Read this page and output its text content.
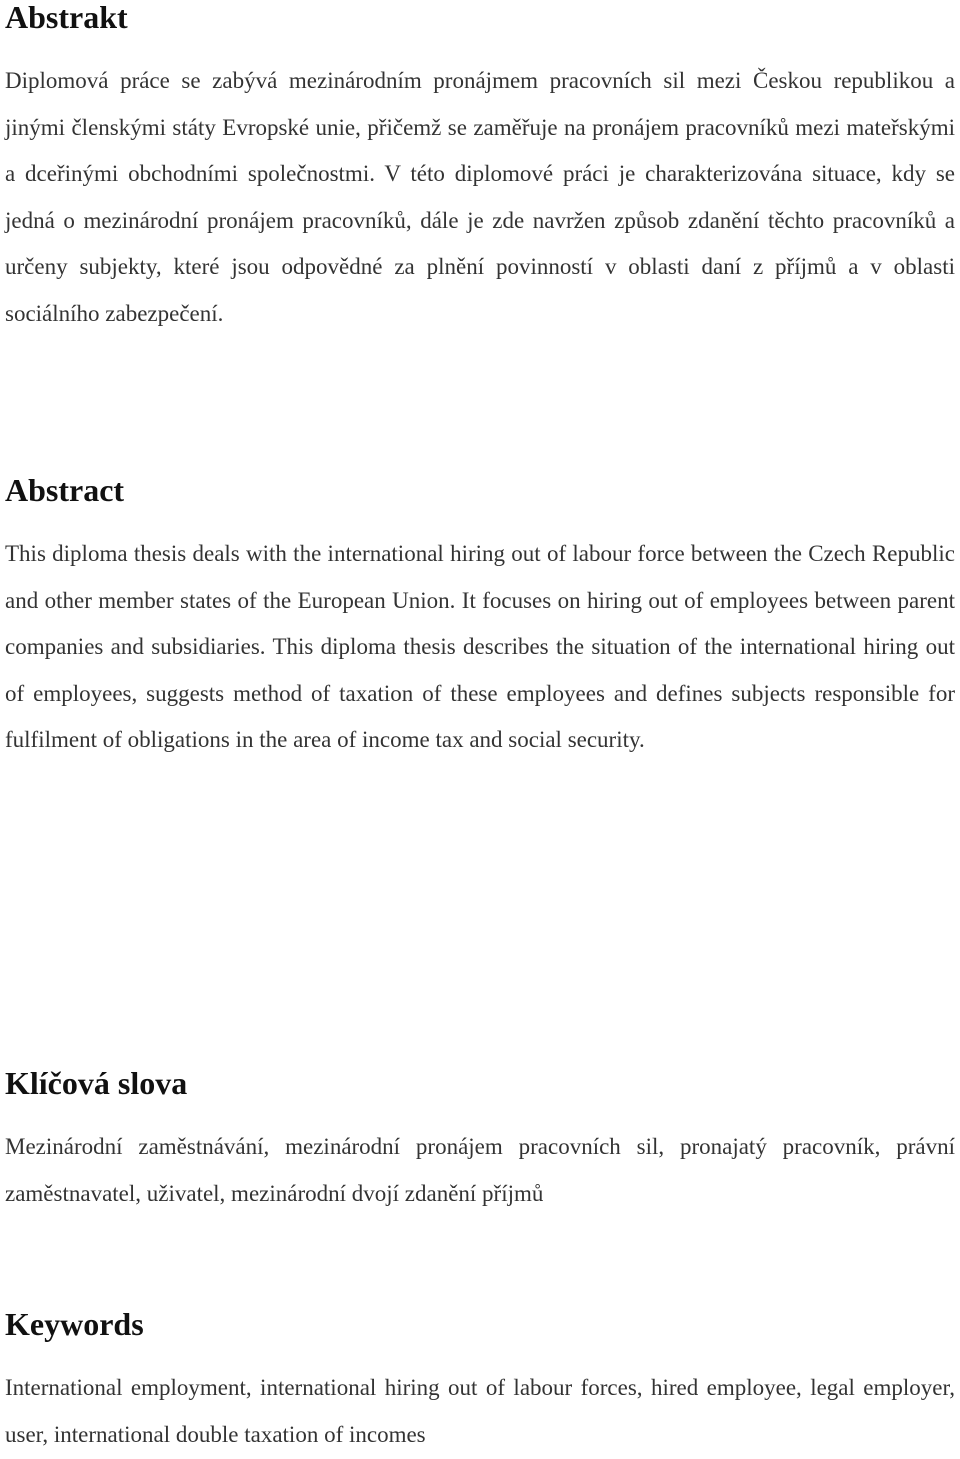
Abstrakt

Diplomová práce se zabývá mezinárodním pronájmem pracovních sil mezi Českou republikou a jinými členskými státy Evropské unie, přičemž se zaměřuje na pronájem pracovníků mezi mateřskými a dceřinými obchodními společnostmi. V této diplomové práci je charakterizována situace, kdy se jedná o mezinárodní pronájem pracovníků, dále je zde navržen způsob zdanění těchto pracovníků a určeny subjekty, které jsou odpovědné za plnění povinností v oblasti daní z příjmů a v oblasti sociálního zabezpečení.

Abstract

This diploma thesis deals with the international hiring out of labour force between the Czech Republic and other member states of the European Union. It focuses on hiring out of employees between parent companies and subsidiaries. This diploma thesis describes the situation of the international hiring out of employees, suggests method of taxation of these employees and defines subjects responsible for fulfilment of obligations in the area of income tax and social security.

Klíčová slova

Mezinárodní zaměstnávání, mezinárodní pronájem pracovních sil, pronajatý pracovník, právní zaměstnavatel, uživatel, mezinárodní dvojí zdanění příjmů

Keywords

International employment, international hiring out of labour forces, hired employee, legal employer, user, international double taxation of incomes
